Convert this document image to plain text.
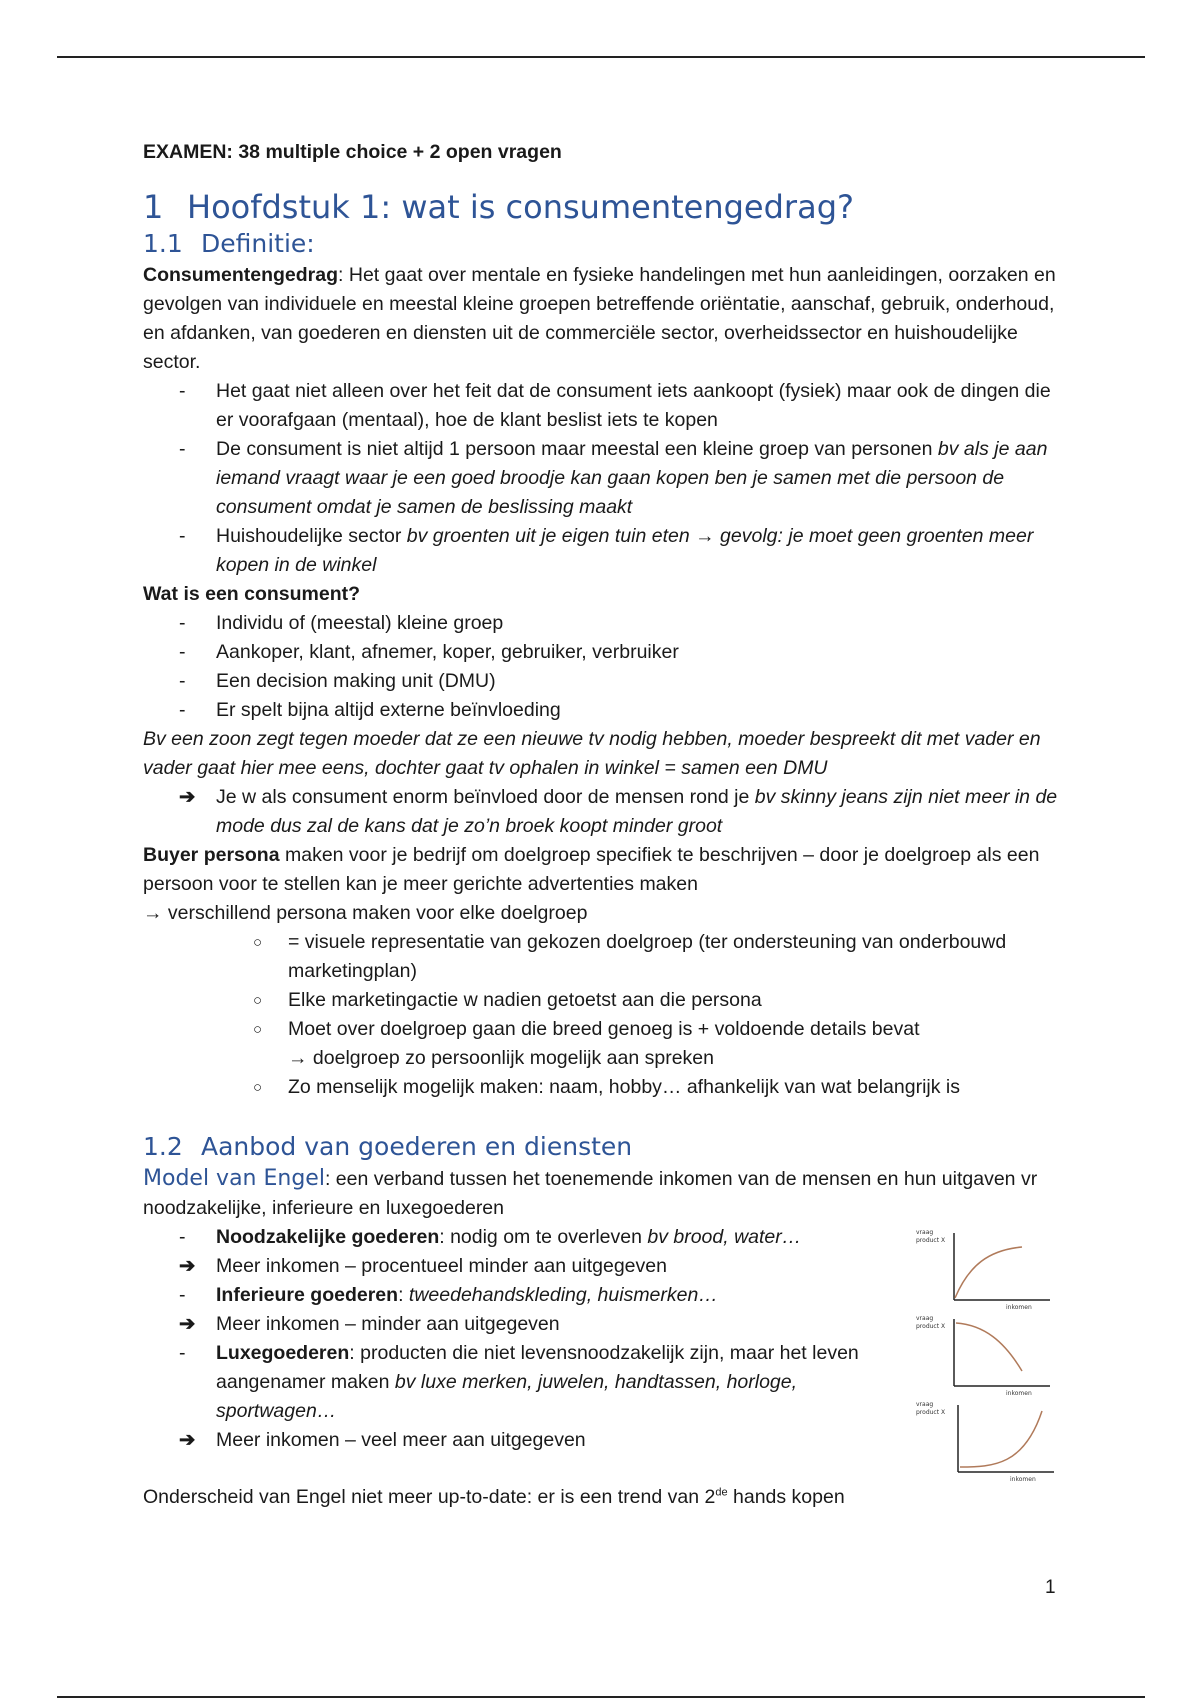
EXAMEN: 38 multiple choice + 2 open vragen

1 Hoofdstuk 1: wat is consumentengedrag?
1.1 Definitie:

Consumentengedrag: Het gaat over mentale en fysieke handelingen met hun aanleidingen, oorzaken en gevolgen van individuele en meestal kleine groepen betreffende oriëntatie, aanschaf, gebruik, onderhoud, en afdanken, van goederen en diensten uit de commerciële sector, overheidssector en huishoudelijke sector.

- Het gaat niet alleen over het feit dat de consument iets aankoopt (fysiek) maar ook de dingen die er voorafgaan (mentaal), hoe de klant beslist iets te kopen
- De consument is niet altijd 1 persoon maar meestal een kleine groep van personen bv als je aan iemand vraagt waar je een goed broodje kan gaan kopen ben je samen met die persoon de consument omdat je samen de beslissing maakt
- Huishoudelijke sector bv groenten uit je eigen tuin eten → gevolg: je moet geen groenten meer kopen in de winkel

Wat is een consument?

- Individu of (meestal) kleine groep
- Aankoper, klant, afnemer, koper, gebruiker, verbruiker
- Een decision making unit (DMU)
- Er spelt bijna altijd externe beïnvloeding

Bv een zoon zegt tegen moeder dat ze een nieuwe tv nodig hebben, moeder bespreekt dit met vader en vader gaat hier mee eens, dochter gaat tv ophalen in winkel = samen een DMU

➔ Je w als consument enorm beïnvloed door de mensen rond je bv skinny jeans zijn niet meer in de mode dus zal de kans dat je zo’n broek koopt minder groot

Buyer persona maken voor je bedrijf om doelgroep specifiek te beschrijven – door je doelgroep als een persoon voor te stellen kan je meer gerichte advertenties maken

→ verschillend persona maken voor elke doelgroep

○ = visuele representatie van gekozen doelgroep (ter ondersteuning van onderbouwd marketingplan)
○ Elke marketingactie w nadien getoetst aan die persona
○ Moet over doelgroep gaan die breed genoeg is + voldoende details bevat
→ doelgroep zo persoonlijk mogelijk aan spreken
○ Zo menselijk mogelijk maken: naam, hobby… afhankelijk van wat belangrijk is
1.2 Aanbod van goederen en diensten

Model van Engel: een verband tussen het toenemende inkomen van de mensen en hun uitgaven vr noodzakelijke, inferieure en luxegoederen

- Noodzakelijke goederen: nodig om te overleven bv brood, water…
➔ Meer inkomen – procentueel minder aan uitgegeven
- Inferieure goederen: tweedehandskleding, huismerken…
➔ Meer inkomen – minder aan uitgegeven
- Luxegoederen: producten die niet levensnoodzakelijk zijn, maar het leven aangenamer maken bv luxe merken, juwelen, handtassen, horloge, sportwagen…
➔ Meer inkomen – veel meer aan uitgegeven

Onderscheid van Engel niet meer up-to-date: er is een trend van 2de hands kopen

vraag
product X
inkomen
vraag
product X
inkomen
vraag
product X
inkomen
1
